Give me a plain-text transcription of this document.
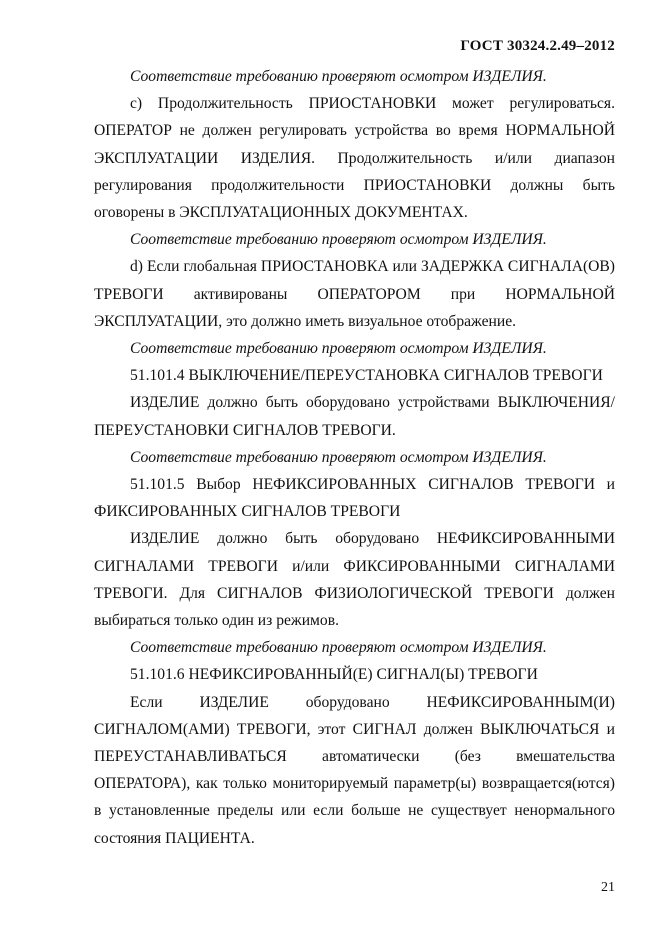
ГОСТ 30324.2.49–2012

Соответствие требованию проверяют осмотром ИЗДЕЛИЯ.

c) Продолжительность ПРИОСТАНОВКИ может регулироваться. ОПЕРАТОР не должен регулировать устройства во время НОРМАЛЬНОЙ ЭКСПЛУАТАЦИИ ИЗДЕЛИЯ. Продолжительность и/или диапазон регулирования продолжительности ПРИОСТАНОВКИ должны быть оговорены в ЭКСПЛУАТАЦИОННЫХ ДОКУМЕНТАХ.

Соответствие требованию проверяют осмотром ИЗДЕЛИЯ.

d) Если глобальная ПРИОСТАНОВКА или ЗАДЕРЖКА СИГНАЛА(ОВ) ТРЕВОГИ активированы ОПЕРАТОРОМ при НОРМАЛЬНОЙ ЭКСПЛУАТАЦИИ, это должно иметь визуальное отображение.

Соответствие требованию проверяют осмотром ИЗДЕЛИЯ.

51.101.4 ВЫКЛЮЧЕНИЕ/ПЕРЕУСТАНОВКА СИГНАЛОВ ТРЕВОГИ

ИЗДЕЛИЕ должно быть оборудовано устройствами ВЫКЛЮЧЕНИЯ/ПЕРЕУСТАНОВКИ СИГНАЛОВ ТРЕВОГИ.

Соответствие требованию проверяют осмотром ИЗДЕЛИЯ.

51.101.5 Выбор НЕФИКСИРОВАННЫХ СИГНАЛОВ ТРЕВОГИ и ФИКСИРОВАННЫХ СИГНАЛОВ ТРЕВОГИ

ИЗДЕЛИЕ должно быть оборудовано НЕФИКСИРОВАННЫМИ СИГНАЛАМИ ТРЕВОГИ и/или ФИКСИРОВАННЫМИ СИГНАЛАМИ ТРЕВОГИ. Для СИГНАЛОВ ФИЗИОЛОГИЧЕСКОЙ ТРЕВОГИ должен выбираться только один из режимов.

Соответствие требованию проверяют осмотром ИЗДЕЛИЯ.

51.101.6 НЕФИКСИРОВАННЫЙ(Е) СИГНАЛ(Ы) ТРЕВОГИ

Если ИЗДЕЛИЕ оборудовано НЕФИКСИРОВАННЫМ(И) СИГНАЛОМ(АМИ) ТРЕВОГИ, этот СИГНАЛ должен ВЫКЛЮЧАТЬСЯ и ПЕРЕУСТАНАВЛИВАТЬСЯ автоматически (без вмешательства ОПЕРАТОРА), как только мониторируемый параметр(ы) возвращается(ются) в установленные пределы или если больше не существует ненормального состояния ПАЦИЕНТА.

21
